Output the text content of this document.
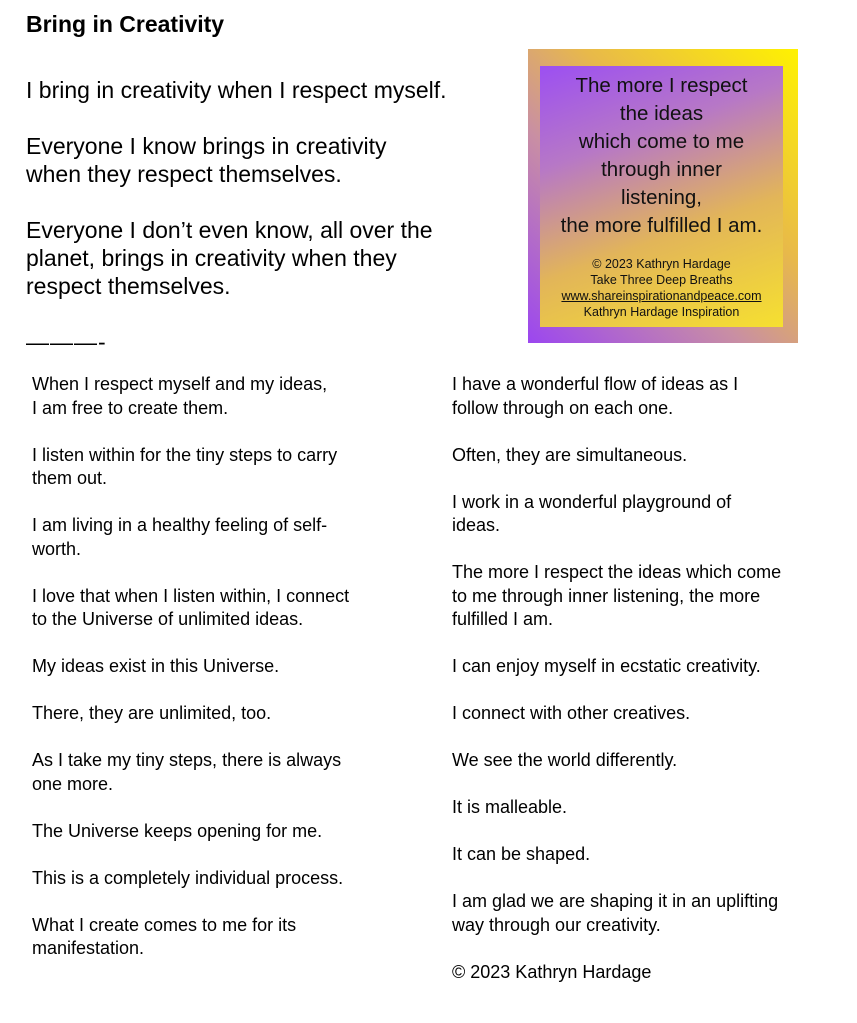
Bring in Creativity

I bring in creativity when I respect myself.

Everyone I know brings in creativity
when they respect themselves.

Everyone I don’t even know, all over the
planet, brings in creativity when they
respect themselves.

———-

The more I respect
the ideas
which come to me
through inner
listening,
the more fulfilled I am.
© 2023 Kathryn Hardage
Take Three Deep Breaths
www.shareinspirationandpeace.com
Kathryn Hardage Inspiration

When I respect myself and my ideas,
I am free to create them.

I listen within for the tiny steps to carry
them out.

I am living in a healthy feeling of self-
worth.

I love that when I listen within, I connect
to the Universe of unlimited ideas.

My ideas exist in this Universe.

There, they are unlimited, too.

As I take my tiny steps, there is always
one more.

The Universe keeps opening for me.

This is a completely individual process.

What I create comes to me for its
manifestation.

I have a wonderful flow of ideas as I
follow through on each one.

Often, they are simultaneous.

I work in a wonderful playground of
ideas.

The more I respect the ideas which come
to me through inner listening, the more
fulfilled I am.

I can enjoy myself in ecstatic creativity.

I connect with other creatives.

We see the world differently.

It is malleable.

It can be shaped.

I am glad we are shaping it in an uplifting
way through our creativity.

© 2023 Kathryn Hardage
